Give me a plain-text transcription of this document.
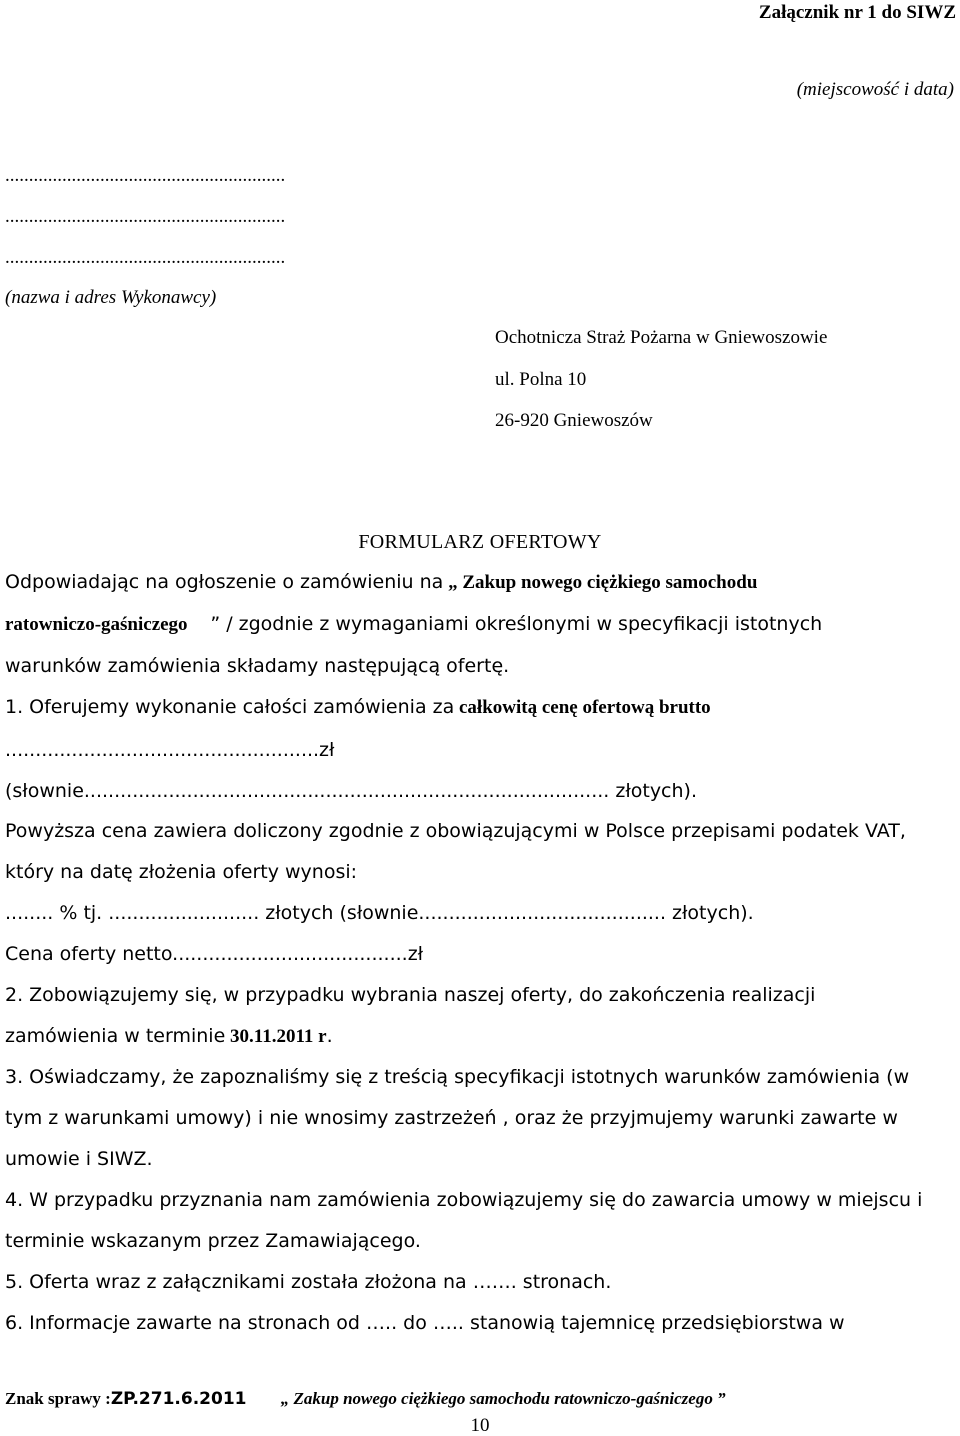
Załącznik nr 1 do SIWZ
(miejscowość i data)
...........................................................
...........................................................
...........................................................
(nazwa i adres Wykonawcy)
Ochotnicza Straż Pożarna w Gniewoszowie
ul. Polna 10
26-920 Gniewoszów
FORMULARZ OFERTOWY
Odpowiadając na ogłoszenie o zamówieniu na „ Zakup nowego ciężkiego samochodu
ratowniczo-gaśniczego ” / zgodnie z wymaganiami określonymi w specyfikacji istotnych
warunków zamówienia składamy następującą ofertę.
1. Oferujemy wykonanie całości zamówienia za całkowitą cenę ofertową brutto
....................................................zł
(słownie....................................................................................... złotych).
Powyższa cena zawiera doliczony zgodnie z obowiązującymi w Polsce przepisami podatek VAT,
który na datę złożenia oferty wynosi:
........ % tj. ......................... złotych (słownie......................................... złotych).
Cena oferty netto.......................................zł
2. Zobowiązujemy się, w przypadku wybrania naszej oferty, do zakończenia realizacji
zamówienia w terminie 30.11.2011 r.
3. Oświadczamy, że zapoznaliśmy się z treścią specyfikacji istotnych warunków zamówienia (w
tym z warunkami umowy) i nie wnosimy zastrzeżeń , oraz że przyjmujemy warunki zawarte w
umowie i SIWZ.
4. W przypadku przyznania nam zamówienia zobowiązujemy się do zawarcia umowy w miejscu i
terminie wskazanym przez Zamawiającego.
5. Oferta wraz z załącznikami została złożona na ……. stronach.
6. Informacje zawarte na stronach od ….. do ….. stanowią tajemnicę przedsiębiorstwa w
Znak sprawy :ZP.271.6.2011 „ Zakup nowego ciężkiego samochodu ratowniczo-gaśniczego ”
10
